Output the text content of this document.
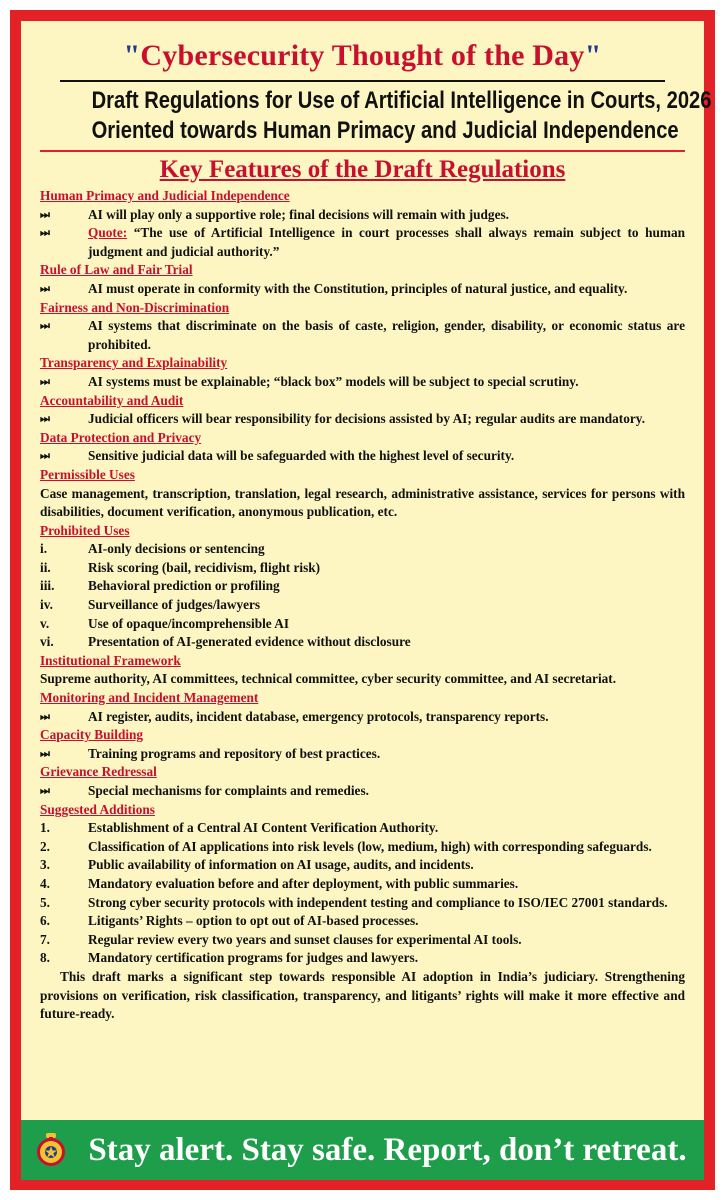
"Cybersecurity Thought of the Day"

Draft Regulations for Use of Artificial Intelligence in Courts, 2026

Oriented towards Human Primacy and Judicial Independence

Key Features of the Draft Regulations

Human Primacy and Judicial Independence

⏭	AI will play only a supportive role; final decisions will remain with judges.
⏭	Quote: “The use of Artificial Intelligence in court processes shall always remain subject to human judgment and judicial authority.”

Rule of Law and Fair Trial

⏭	AI must operate in conformity with the Constitution, principles of natural justice, and equality.

Fairness and Non-Discrimination

⏭	AI systems that discriminate on the basis of caste, religion, gender, disability, or economic status are prohibited.

Transparency and Explainability

⏭	AI systems must be explainable; “black box” models will be subject to special scrutiny.

Accountability and Audit

⏭	Judicial officers will bear responsibility for decisions assisted by AI; regular audits are mandatory.

Data Protection and Privacy

⏭	Sensitive judicial data will be safeguarded with the highest level of security.

Permissible Uses

Case management, transcription, translation, legal research, administrative assistance, services for persons with disabilities, document verification, anonymous publication, etc.

Prohibited Uses

i.	AI-only decisions or sentencing
ii.	Risk scoring (bail, recidivism, flight risk)
iii.	Behavioral prediction or profiling
iv.	Surveillance of judges/lawyers
v.	Use of opaque/incomprehensible AI
vi.	Presentation of AI-generated evidence without disclosure

Institutional Framework

Supreme authority, AI committees, technical committee, cyber security committee, and AI secretariat.

Monitoring and Incident Management

⏭	AI register, audits, incident database, emergency protocols, transparency reports.

Capacity Building

⏭	Training programs and repository of best practices.

Grievance Redressal

⏭	Special mechanisms for complaints and remedies.

Suggested Additions

1.	Establishment of a Central AI Content Verification Authority.
2.	Classification of AI applications into risk levels (low, medium, high) with corresponding safeguards.
3.	Public availability of information on AI usage, audits, and incidents.
4.	Mandatory evaluation before and after deployment, with public summaries.
5.	Strong cyber security protocols with independent testing and compliance to ISO/IEC 27001 standards.
6.	Litigants’ Rights – option to opt out of AI-based processes.
7.	Regular review every two years and sunset clauses for experimental AI tools.
8.	Mandatory certification programs for judges and lawyers.

This draft marks a significant step towards responsible AI adoption in India’s judiciary. Strengthening provisions on verification, risk classification, transparency, and litigants’ rights will make it more effective and future-ready.

Stay alert. Stay safe. Report, don’t retreat.
